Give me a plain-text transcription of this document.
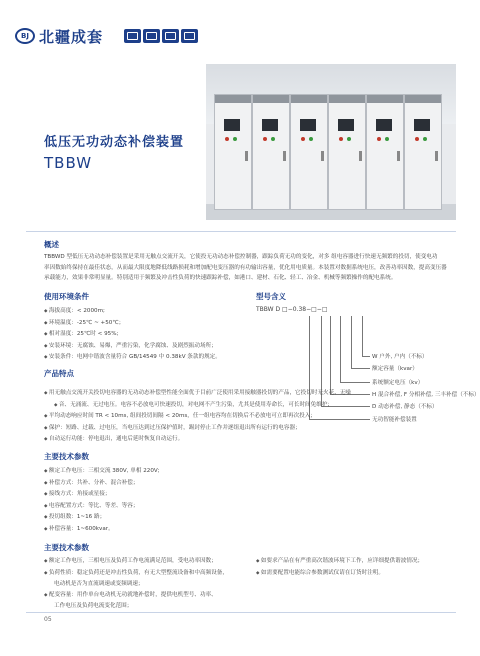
BJ 北疆成套
低压无功动态补偿装置
TBBW
概述
TBBWD 型低压无功动态补偿装置是采用无触点交流开关，它使投无功动态补偿控制器，跟踪负荷无功的变化，对多 组电容器进行快速无频繁的投切，使变电功
率因数始终保持在最佳状态，从而最大限度地降低线路损耗和增加配电变压器的有功输出容量，优化用电质量。本装置对数据系统电压，改善功率因数，提高变压器
承载能力，效果非常明显量。特别适用于频繁及冲击性负荷的快速跟踪补偿，如港口、建材、石化、轻工、冶金、机械等频繁操作的配电系统。
使用环境条件
◆ 海拔高度：< 2000m;
◆ 环境温度：-25℃ ~ +50℃；
◆ 相对湿度：25℃时 < 95%;
◆ 安装环境：无腐蚀、易爆，严重污染，化学腐蚀、及剧烈振动场所；
◆ 安装条件：电网中谐波含量符合 GB/14549 中 0.38kV 条款的规定。
型号含义
TBBW D □−0.38−□−□
W 户外, 户内（不标）
额定容量（kvar）
系统额定电压（kv）
H 混合补偿, F 分相补偿, 三丰补偿（不标）
D 动态补偿, 静态（不标）
无功智能补偿装置
产品特点
◆ 用无触点交流开关投切电容器的无功动态补偿型性能全面优于目前广泛使用采用接触器投切的产品，它投切时无火花、无噪
◆ 音、无涌流、无过电压。电容不必放电可快速投切，对电网不产生污染，尤其是使用寿命长，可长时间免维护；
◆ 平均动态响应时间 TR < 10ms, 组间投切间隔 < 20ms，任一组电容均在切换后不必放电可立即再次投入；
◆ 保护：短路、过载、过电压，当电压达到过压保护值时，踢封停止工作并逐组退出所有运行的电容器；
◆ 自动运行功能：停电退出，通电后延时恢复自动运行。
主要技术参数
◆ 额定工作电压：三相交流 380V, 单相 220V;
◆ 补偿方式：共补、分补、混合补偿；
◆ 接线方式：角接或星接；
◆ 电容配置方式：等比、等差、等容；
◆ 投切组数：1~16 路；
◆ 补偿容量：1~600kvar。
主要技术参数
◆ 额定工作电压，三相电压及负荷工作电流满足范围，受电功率因数；
◆ 负荷性质：稳定负荷还是冲击性负荷，有无大型整流设备和中高频设备，
电动机是否为直流调速或变频调速；
◆ 配变容量：用作单台电动机无功就地补偿时，提供电机型号、功率、
工作电压及负荷电流变化范围；
◆ 如要求产品在有严重高次谐波环境下工作，应详细提供谐波情况；
◆ 如需要配置电能综合参数测试仪请在订货时注明。
05
